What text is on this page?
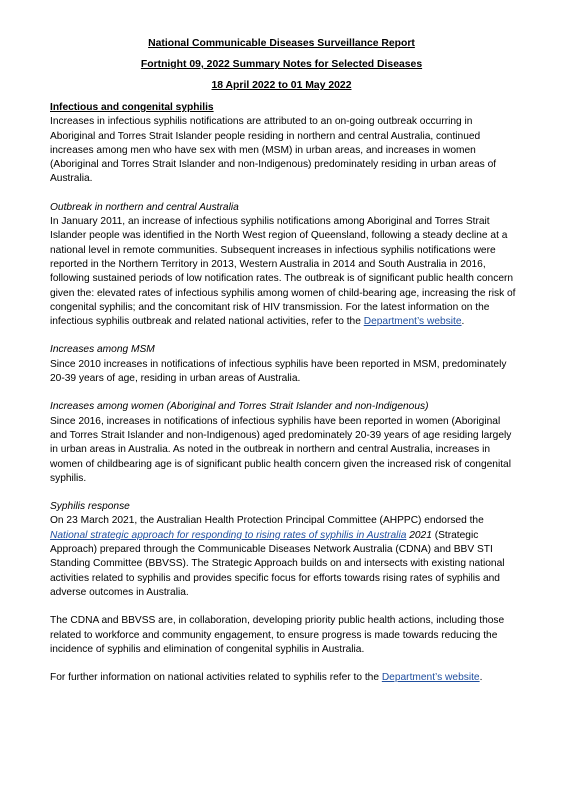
National Communicable Diseases Surveillance Report
Fortnight 09, 2022 Summary Notes for Selected Diseases
18 April 2022 to 01 May 2022
Infectious and congenital syphilis
Increases in infectious syphilis notifications are attributed to an on-going outbreak occurring in Aboriginal and Torres Strait Islander people residing in northern and central Australia, continued increases among men who have sex with men (MSM) in urban areas, and increases in women (Aboriginal and Torres Strait Islander and non-Indigenous) predominately residing in urban areas of Australia.
Outbreak in northern and central Australia
In January 2011, an increase of infectious syphilis notifications among Aboriginal and Torres Strait Islander people was identified in the North West region of Queensland, following a steady decline at a national level in remote communities. Subsequent increases in infectious syphilis notifications were reported in the Northern Territory in 2013, Western Australia in 2014 and South Australia in 2016, following sustained periods of low notification rates. The outbreak is of significant public health concern given the: elevated rates of infectious syphilis among women of child-bearing age, increasing the risk of congenital syphilis; and the concomitant risk of HIV transmission. For the latest information on the infectious syphilis outbreak and related national activities, refer to the Department’s website.
Increases among MSM
Since 2010 increases in notifications of infectious syphilis have been reported in MSM, predominately 20-39 years of age, residing in urban areas of Australia.
Increases among women (Aboriginal and Torres Strait Islander and non-Indigenous)
Since 2016, increases in notifications of infectious syphilis have been reported in women (Aboriginal and Torres Strait Islander and non-Indigenous) aged predominately 20-39 years of age residing largely in urban areas in Australia. As noted in the outbreak in northern and central Australia, increases in women of childbearing age is of significant public health concern given the increased risk of congenital syphilis.
Syphilis response
On 23 March 2021, the Australian Health Protection Principal Committee (AHPPC) endorsed the National strategic approach for responding to rising rates of syphilis in Australia 2021 (Strategic Approach) prepared through the Communicable Diseases Network Australia (CDNA) and BBV STI Standing Committee (BBVSS). The Strategic Approach builds on and intersects with existing national activities related to syphilis and provides specific focus for efforts towards rising rates of syphilis and adverse outcomes in Australia.
The CDNA and BBVSS are, in collaboration, developing priority public health actions, including those related to workforce and community engagement, to ensure progress is made towards reducing the incidence of syphilis and elimination of congenital syphilis in Australia.
For further information on national activities related to syphilis refer to the Department’s website.
